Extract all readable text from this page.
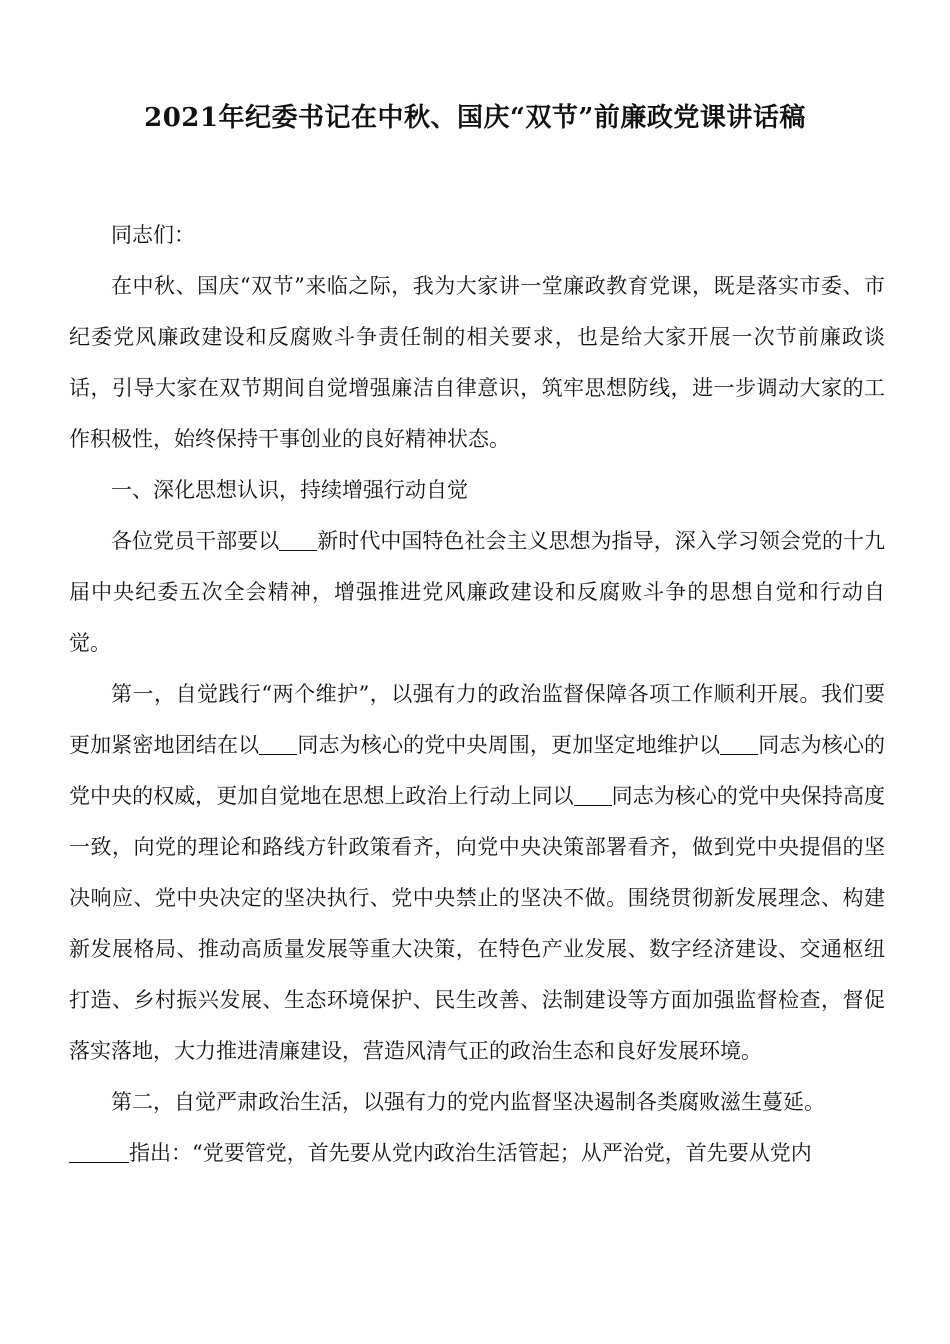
2021年纪委书记在中秋、国庆“双节”前廉政党课讲话稿

同志们：

在中秋、国庆“双节”来临之际，我为大家讲一堂廉政教育党课，既是落实市委、市纪委党风廉政建设和反腐败斗争责任制的相关要求，也是给大家开展一次节前廉政谈话，引导大家在双节期间自觉增强廉洁自律意识，筑牢思想防线，进一步调动大家的工作积极性，始终保持干事创业的良好精神状态。

一、深化思想认识，持续增强行动自觉

各位党员干部要以 新时代中国特色社会主义思想为指导，深入学习领会党的十九届中央纪委五次全会精神，增强推进党风廉政建设和反腐败斗争的思想自觉和行动自觉。

第一，自觉践行“两个维护”，以强有力的政治监督保障各项工作顺利开展。我们要更加紧密地团结在以 同志为核心的党中央周围，更加坚定地维护以 同志为核心的党中央的权威，更加自觉地在思想上政治上行动上同以 同志为核心的党中央保持高度一致，向党的理论和路线方针政策看齐，向党中央决策部署看齐，做到党中央提倡的坚决响应、党中央决定的坚决执行、党中央禁止的坚决不做。围绕贯彻新发展理念、构建新发展格局、推动高质量发展等重大决策，在特色产业发展、数字经济建设、交通枢纽打造、乡村振兴发展、生态环境保护、民生改善、法制建设等方面加强监督检查，督促落实落地，大力推进清廉建设，营造风清气正的政治生态和良好发展环境。

第二，自觉严肃政治生活，以强有力的党内监督坚决遏制各类腐败滋生蔓延。

指出：“党要管党，首先要从党内政治生活管起；从严治党，首先要从党内
